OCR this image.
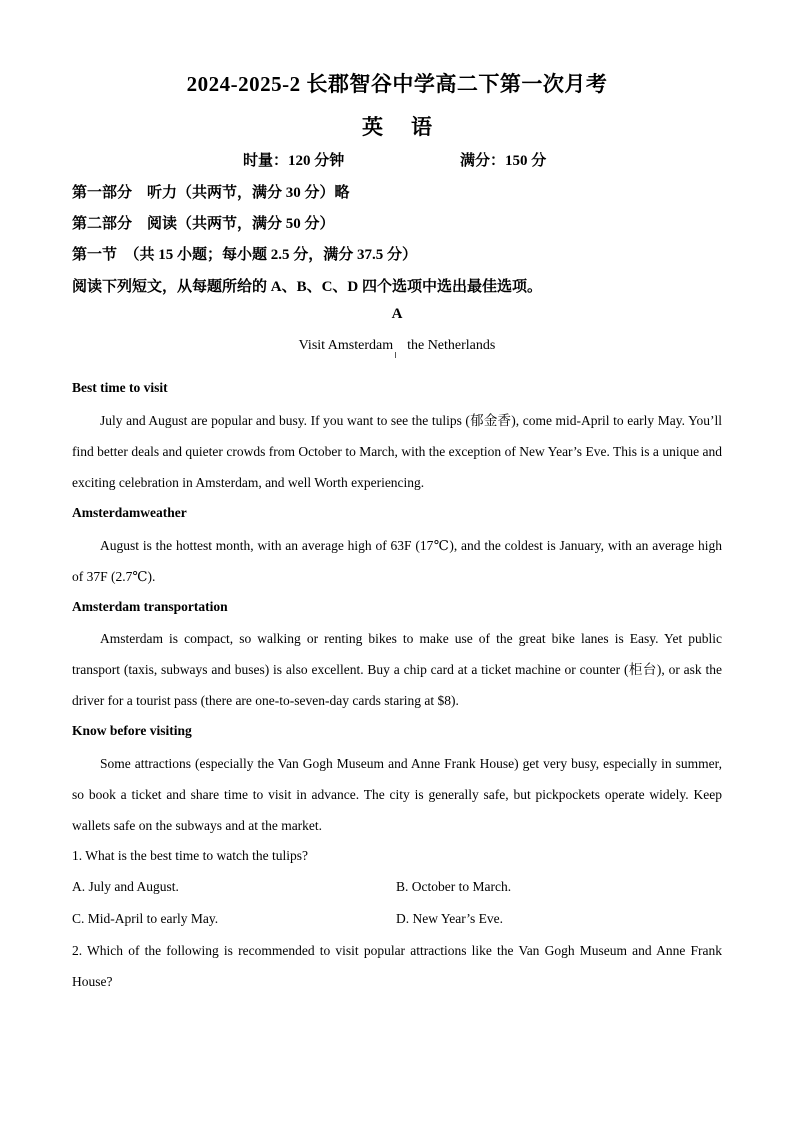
2024-2025-2 长郡智谷中学高二下第一次月考
英语
时量：120 分钟	满分：150 分
第一部分　听力（共两节，满分 30 分）略
第二部分　阅读（共两节，满分 50 分）
第一节　（共 15 小题；每小题 2.5 分，满分 37.5 分）
阅读下列短文，从每题所给的 A、B、C、D 四个选项中选出最佳选项。
A
Visit Amsterdam the Netherlands
Best time to visit
July and August are popular and busy. If you want to see the tulips (郁金香), come mid-April to early May. You’ll find better deals and quieter crowds from October to March, with the exception of New Year’s Eve. This is a unique and exciting celebration in Amsterdam, and well Worth experiencing.
Amsterdamweather
August is the hottest month, with an average high of 63F (17℃), and the coldest is January, with an average high of 37F (2.7℃).
Amsterdam transportation
Amsterdam is compact, so walking or renting bikes to make use of the great bike lanes is Easy. Yet public transport (taxis, subways and buses) is also excellent. Buy a chip card at a ticket machine or counter (柜台), or ask the driver for a tourist pass (there are one-to-seven-day cards staring at $8).
Know before visiting
Some attractions (especially the Van Gogh Museum and Anne Frank House) get very busy, especially in summer, so book a ticket and share time to visit in advance. The city is generally safe, but pickpockets operate widely. Keep wallets safe on the subways and at the market.
1. What is the best time to watch the tulips?
A. July and August.	B. October to March.
C. Mid-April to early May.	D. New Year’s Eve.
2. Which of the following is recommended to visit popular attractions like the Van Gogh Museum and Anne Frank House?
